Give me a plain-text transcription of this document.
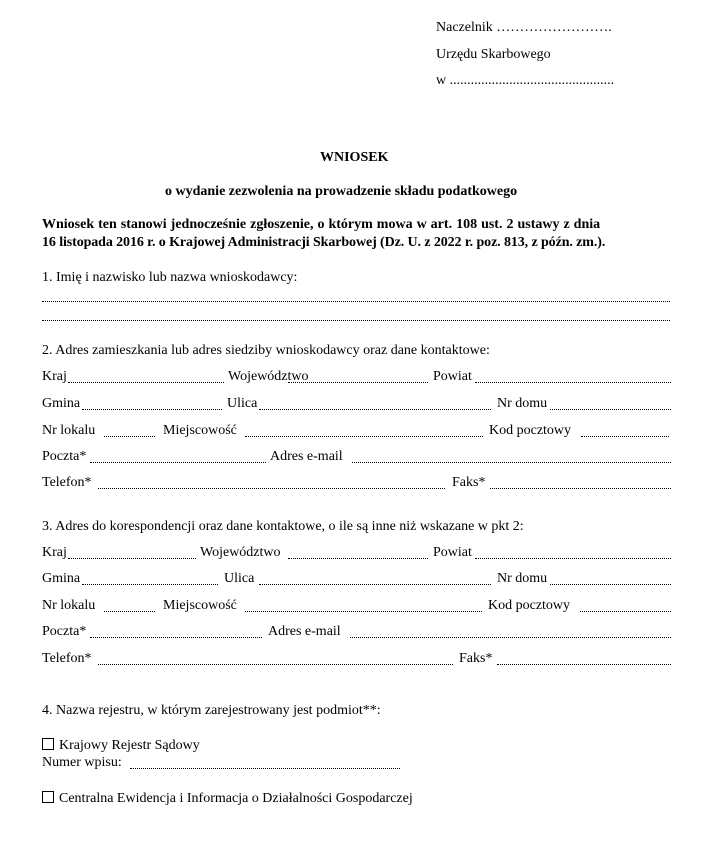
Naczelnik …………………….
Urzędu Skarbowego
w ...............................................
WNIOSEK
o wydanie zezwolenia na prowadzenie składu podatkowego
Wniosek ten stanowi jednocześnie zgłoszenie, o którym mowa w art. 108 ust. 2 ustawy z dnia
16 listopada 2016 r. o Krajowej Administracji Skarbowej (Dz. U. z 2022 r. poz. 813, z późn. zm.).
1. Imię i nazwisko lub nazwa wnioskodawcy:
2. Adres zamieszkania lub adres siedziby wnioskodawcy oraz dane kontaktowe:
Kraj	Województwo	Powiat
Gmina	Ulica	Nr domu
Nr lokalu	Miejscowość	Kod pocztowy
Poczta*	Adres e-mail
Telefon*	Faks*
3. Adres do korespondencji oraz dane kontaktowe, o ile są inne niż wskazane w pkt 2:
Kraj	Województwo	Powiat
Gmina	Ulica	Nr domu
Nr lokalu	Miejscowość	Kod pocztowy
Poczta*	Adres e-mail
Telefon*	Faks*
4. Nazwa rejestru, w którym zarejestrowany jest podmiot**:
Krajowy Rejestr Sądowy
Numer wpisu:
Centralna Ewidencja i Informacja o Działalności Gospodarczej
